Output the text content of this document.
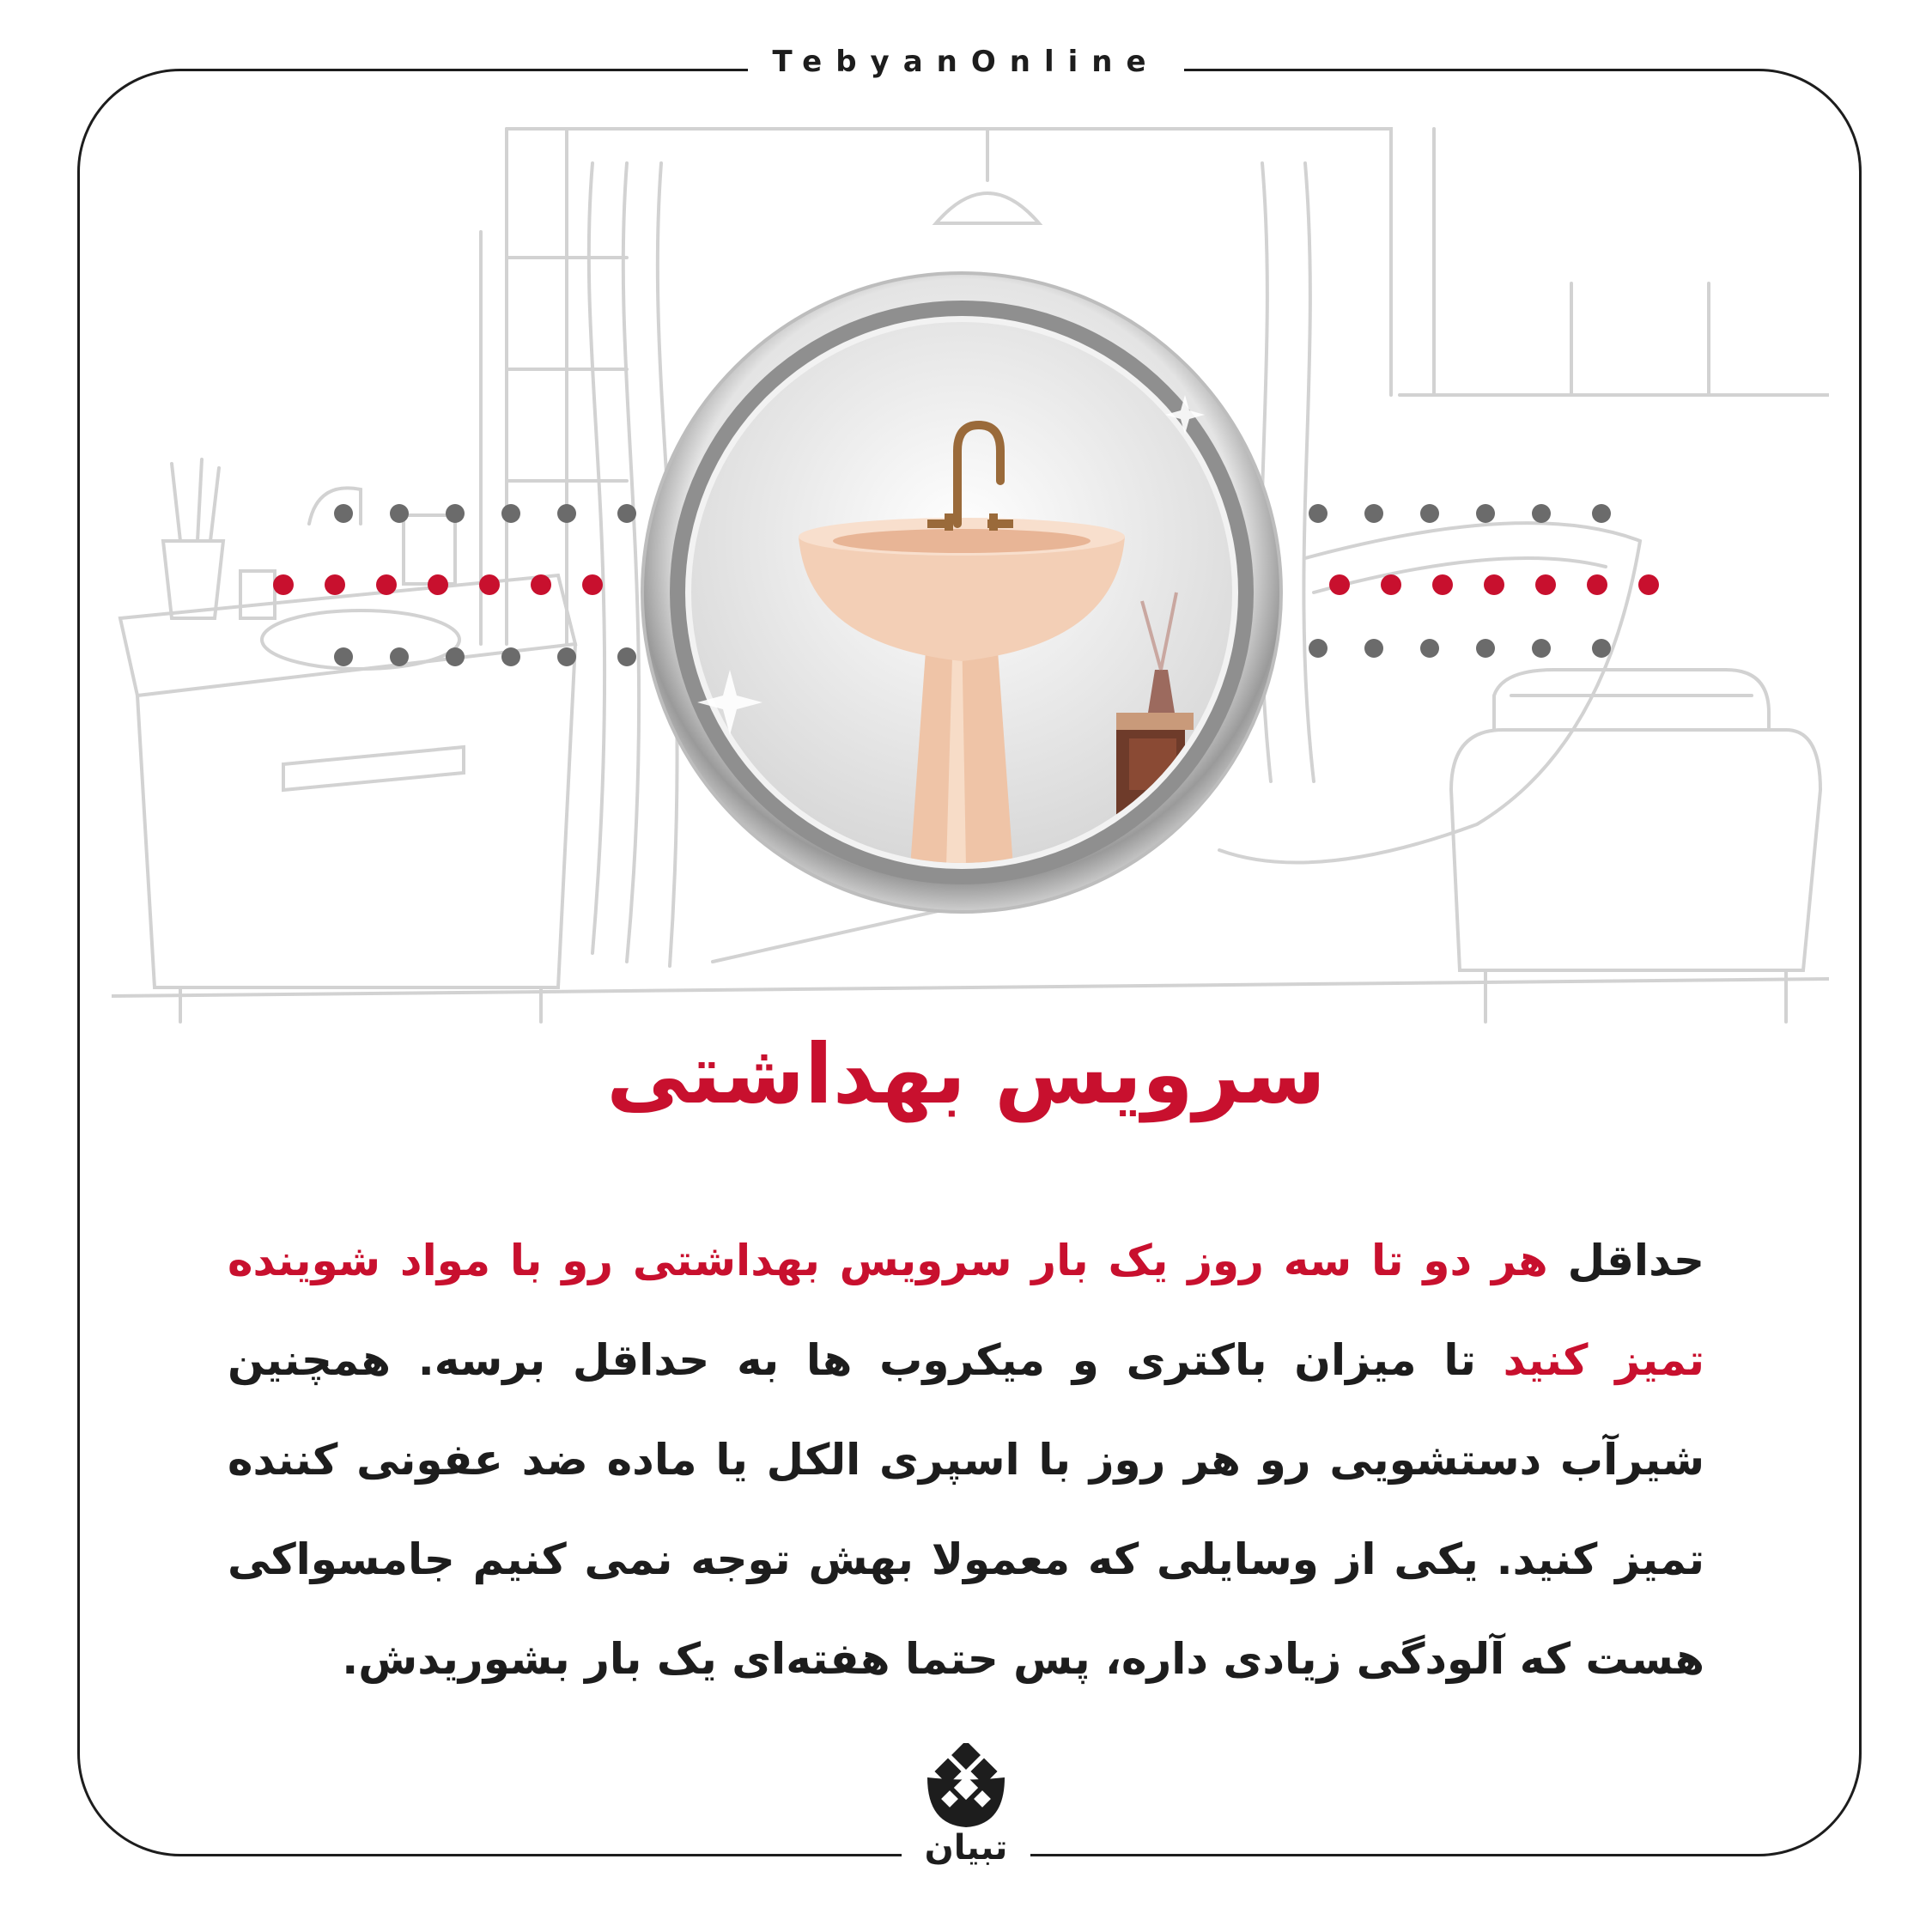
TebyanOnline
سرویس بهداشتی

حداقل هر دو تا سه روز یک بار سرویس بهداشتی رو با مواد شوینده تمیز کنید تا میزان باکتری و میکروب ها به حداقل برسه. همچنین شیرآب دستشویی رو هر روز با اسپری الکل یا ماده ضد عفونی کننده تمیز کنید. یکی از وسایلی که معمولا بهش توجه نمی کنیم جامسواکی هست که آلودگی زیادی داره، پس حتما هفته‌ای یک بار بشوریدش.

تبیان
